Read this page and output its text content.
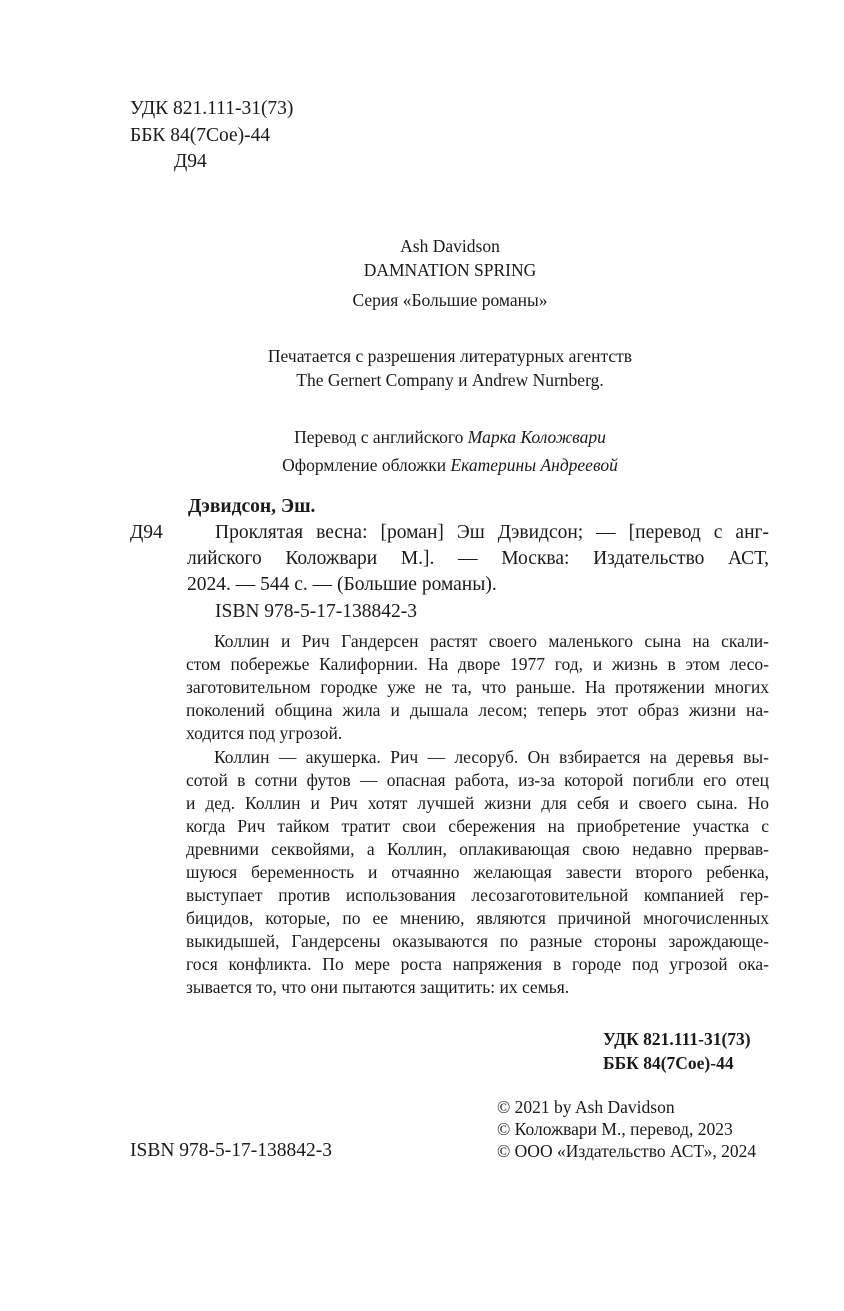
УДК 821.111-31(73)
ББК 84(7Сое)-44
Д94
Ash Davidson
DAMNATION SPRING
Серия «Большие романы»
Печатается с разрешения литературных агентств
The Gernert Company и Andrew Nurnberg.
Перевод с английского Марка Коложвари
Оформление обложки Екатерины Андреевой
Дэвидсон, Эш.
Д94	Проклятая весна: [роман] Эш Дэвидсон; — [перевод с анг-
лийского Коложвари М.]. — Москва: Издательство АСТ,
2024. — 544 с. — (Большие романы).
ISBN 978-5-17-138842-3
Коллин и Рич Гандерсен растят своего маленького сына на скали-
стом побережье Калифорнии. На дворе 1977 год, и жизнь в этом лесо-
заготовительном городке уже не та, что раньше. На протяжении многих
поколений община жила и дышала лесом; теперь этот образ жизни на-
ходится под угрозой.
Коллин — акушерка. Рич — лесоруб. Он взбирается на деревья вы-
сотой в сотни футов — опасная работа, из-за которой погибли его отец
и дед. Коллин и Рич хотят лучшей жизни для себя и своего сына. Но
когда Рич тайком тратит свои сбережения на приобретение участка с
древними секвойями, а Коллин, оплакивающая свою недавно прервав-
шуюся беременность и отчаянно желающая завести второго ребенка,
выступает против использования лесозаготовительной компанией гер-
бицидов, которые, по ее мнению, являются причиной многочисленных
выкидышей, Гандерсены оказываются по разные стороны зарождающе-
гося конфликта. По мере роста напряжения в городе под угрозой ока-
зывается то, что они пытаются защитить: их семья.
УДК 821.111-31(73)
ББК 84(7Сое)-44
© 2021 by Ash Davidson
© Коложвари М., перевод, 2023
© ООО «Издательство АСТ», 2024
ISBN 978-5-17-138842-3
